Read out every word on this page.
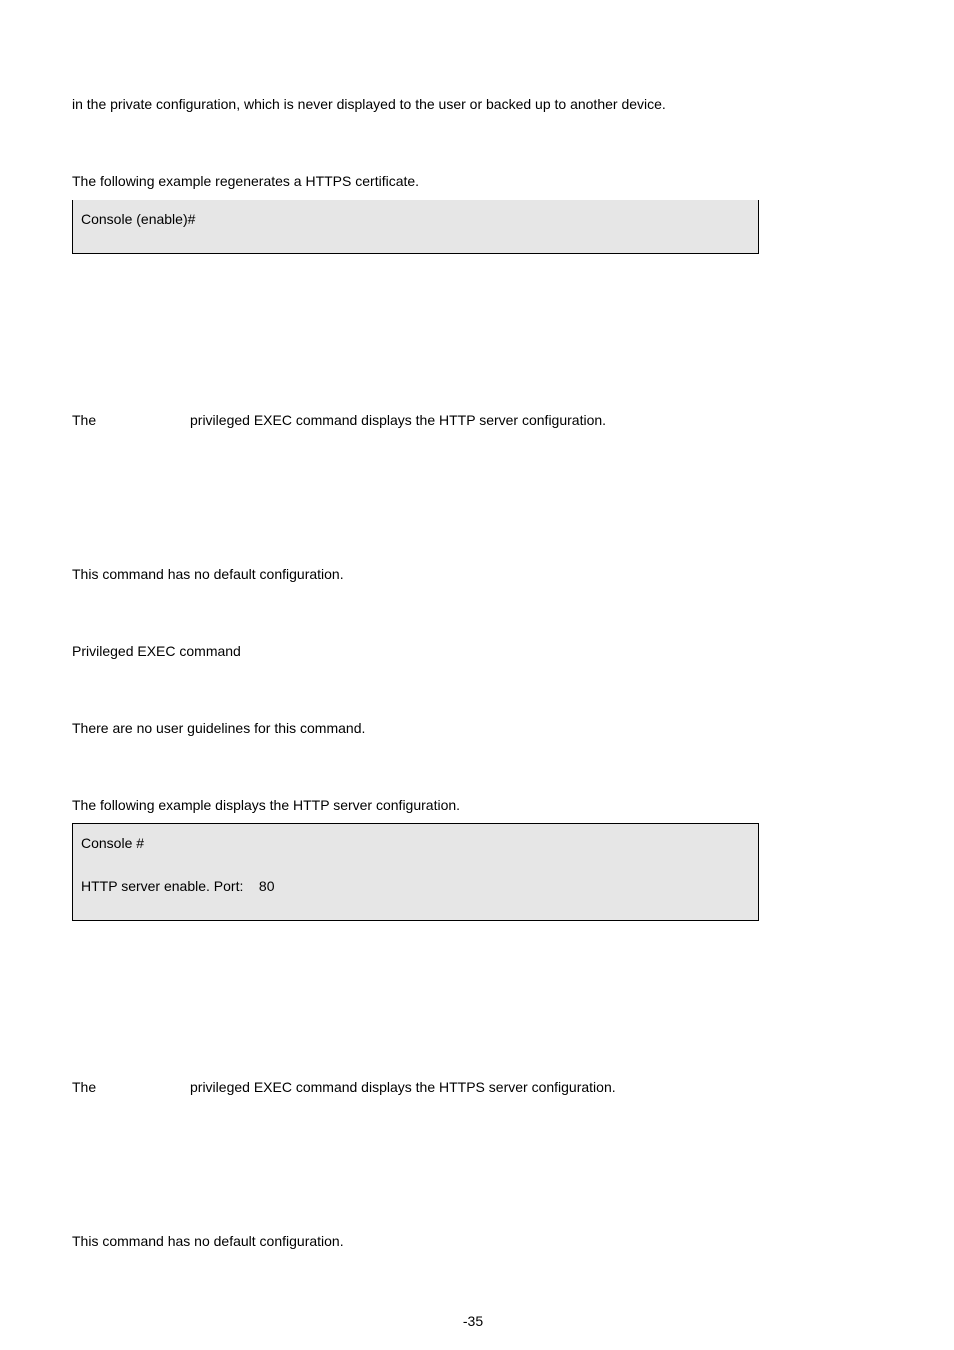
in the private configuration, which is never displayed to the user or backed up to another device.
The following example regenerates a HTTPS certificate.
Console (enable)#
The	privileged EXEC command displays the HTTP server configuration.
This command has no default configuration.
Privileged EXEC command
There are no user guidelines for this command.
The following example displays the HTTP server configuration.
Console #
HTTP server enable. Port:    80
The	privileged EXEC command displays the HTTPS server configuration.
This command has no default configuration.
-35
